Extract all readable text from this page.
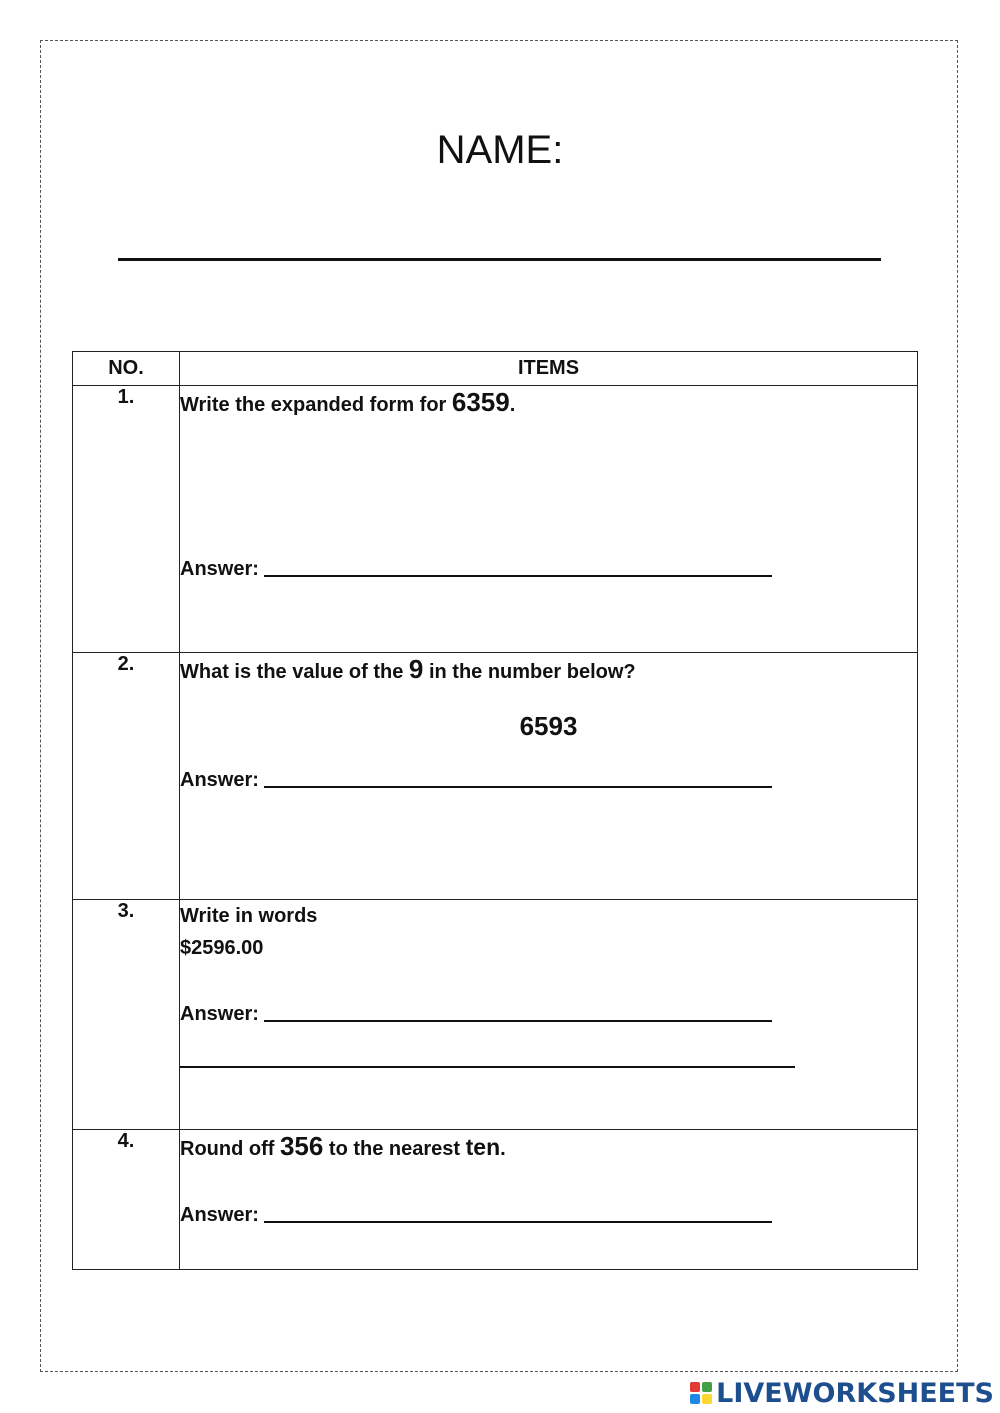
NAME:
NO.	ITEMS
1.	Write the expanded form for 6359.
Answer:

2.	What is the value of the 9 in the number below?
6593
Answer:

3.	Write in words
$2596.00
Answer:

4.	Round off 356 to the nearest ten.
Answer:
LIVEWORKSHEETS
